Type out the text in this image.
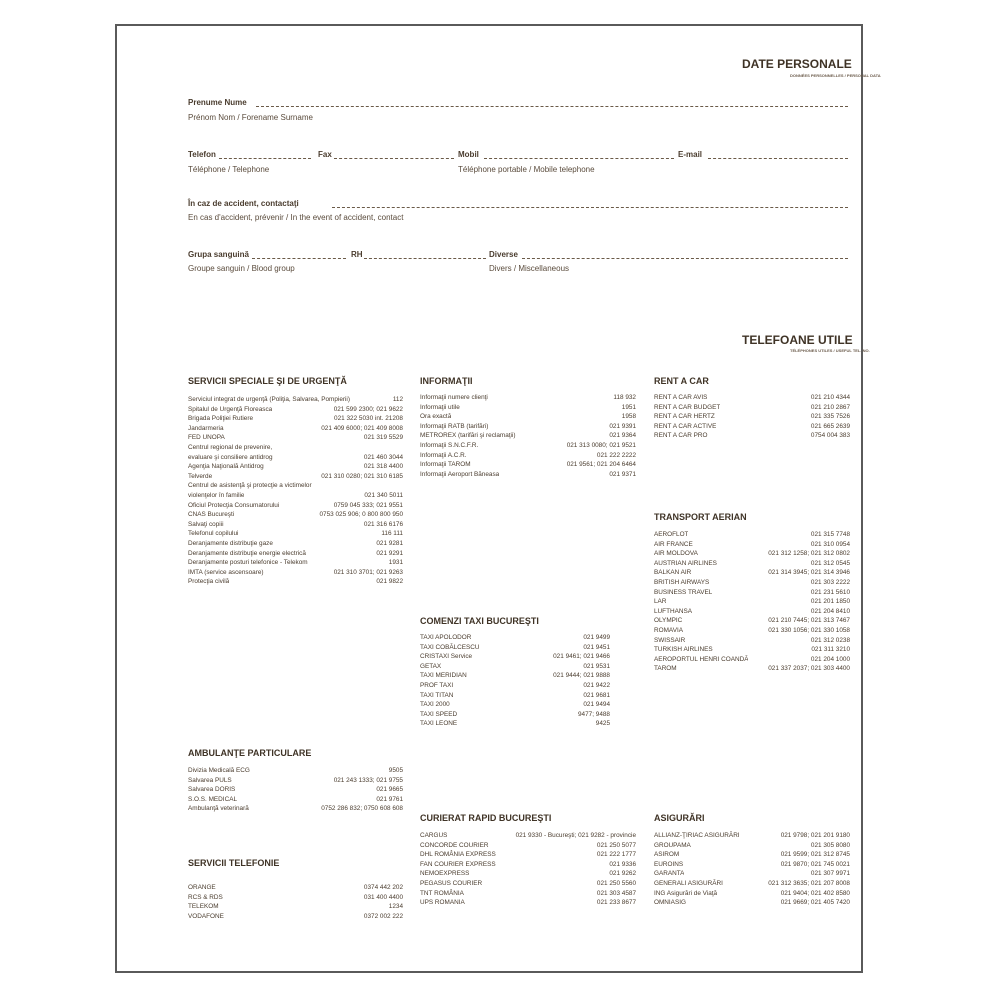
DATE PERSONALE
DONNÉES PERSONNELLES / PERSONAL DATA
Prenume Nume
Prénom Nom / Forename Surname
Telefon	Fax	Mobil	E-mail
Téléphone / Telephone	Téléphone portable / Mobile telephone
În caz de accident, contactaţi
En cas d'accident, prévenir / In the event of accident, contact
Grupa sanguină	RH	Diverse
Groupe sanguin / Blood group	Divers / Miscellaneous
TELEFOANE UTILE
TÉLÉPHONES UTILES / USEFUL TEL. NO.
SERVICII SPECIALE ŞI DE URGENŢĂ
Serviciul integrat de urgenţă (Poliţia, Salvarea, Pompierii)	112
Spitalul de Urgenţă Floreasca	021 599 2300; 021 9622
Brigada Poliţiei Rutiere	021 322 5030 int. 21208
Jandarmeria	021 409 6000; 021 409 8008
FED UNOPA	021 319 5529
Centrul regional de prevenire,
evaluare şi consiliere antidrog	021 460 3044
Agenţia Naţională Antidrog	021 318 4400
Telverde	021 310 0280; 021 310 6185
Centrul de asistenţă şi protecţie a victimelor
violenţelor în familie	021 340 5011
Oficiul Protecţia Consumatorului	0759 045 333; 021 9551
CNAS Bucureşti	0753 025 906; 0 800 800 950
Salvaţi copiii	021 316 6176
Telefonul copilului	116 111
Deranjamente distribuţie gaze	021 9281
Deranjamente distribuţie energie electrică	021 9291
Deranjamente posturi telefonice - Telekom	1931
IMTA (service ascensoare)	021 310 3701; 021 9263
Protecţia civilă	021 9822
AMBULANŢE PARTICULARE
Divizia Medicală ECG	9505
Salvarea PULS	021 243 1333; 021 9755
Salvarea DORIS	021 9665
S.O.S. MEDICAL	021 9761
Ambulanţă veterinară	0752 286 832; 0750 608 608
SERVICII TELEFONIE
ORANGE	0374 442 202
RCS & RDS	031 400 4400
TELEKOM	1234
VODAFONE	0372 002 222
INFORMAŢII
Informaţii numere clienţi	118 932
Informaţii utile	1951
Ora exactă	1958
Informaţii RATB (tarifări)	021 9391
METROREX (tarifări şi reclamaţii)	021 9364
Informaţii S.N.C.F.R.	021 313 0080; 021 9521
Informaţii A.C.R.	021 222 2222
Informaţii TAROM	021 9561; 021 204 6464
Informaţii Aeroport Băneasa	021 9371
COMENZI TAXI BUCUREŞTI
TAXI APOLODOR	021 9499
TAXI COBĂLCESCU	021 9451
CRISTAXI Service	021 9461; 021 9466
GETAX	021 9531
TAXI MERIDIAN	021 9444; 021 9888
PROF TAXI	021 9422
TAXI TITAN	021 9681
TAXI 2000	021 9494
TAXI SPEED	9477; 9488
TAXI LEONE	9425
CURIERAT RAPID BUCUREŞTI
CARGUS	021 9330 - Bucureşti; 021 9282 - provincie
CONCORDE COURIER	021 250 5077
DHL ROMÂNIA EXPRESS	021 222 1777
FAN COURIER EXPRESS	021 9336
NEMOEXPRESS	021 9262
PEGASUS COURIER	021 250 5560
TNT ROMÂNIA	021 303 4587
UPS ROMANIA	021 233 8677
RENT A CAR
RENT A CAR AVIS	021 210 4344
RENT A CAR BUDGET	021 210 2867
RENT A CAR HERTZ	021 335 7526
RENT A CAR ACTIVE	021 665 2639
RENT A CAR PRO	0754 004 383
TRANSPORT AERIAN
AEROFLOT	021 315 7748
AIR FRANCE	021 310 0954
AIR MOLDOVA	021 312 1258; 021 312 0802
AUSTRIAN AIRLINES	021 312 0545
BALKAN AIR	021 314 3945; 021 314 3946
BRITISH AIRWAYS	021 303 2222
BUSINESS TRAVEL	021 231 5610
LAR	021 201 1850
LUFTHANSA	021 204 8410
OLYMPIC	021 210 7445; 021 313 7467
ROMAVIA	021 330 1056; 021 330 1058
SWISSAIR	021 312 0238
TURKISH AIRLINES	021 311 3210
AEROPORTUL HENRI COANDĂ	021 204 1000
TAROM	021 337 2037; 021 303 4400
ASIGURĂRI
ALLIANZ-ŢIRIAC ASIGURĂRI	021 9798; 021 201 9180
GROUPAMA	021 305 8080
ASIROM	021 9599; 021 312 8745
EUROINS	021 9870; 021 745 0021
GARANTA	021 307 9971
GENERALI ASIGURĂRI	021 312 3635; 021 207 8008
ING Asigurări de Viaţă	021 9404; 021 402 8580
OMNIASIG	021 9669; 021 405 7420
